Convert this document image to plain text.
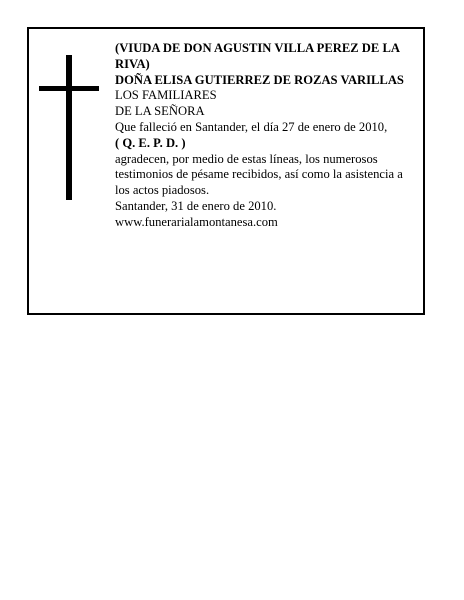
(VIUDA DE DON AGUSTIN VILLA PEREZ DE LA RIVA)

DOÑA ELISA GUTIERREZ DE ROZAS VARILLAS

LOS FAMILIARES

DE LA SEÑORA

Que falleció en Santander, el día 27 de enero de 2010,

( Q. E. P. D. )

agradecen, por medio de estas líneas, los numerosos testimonios de pésame recibidos, así como la asistencia a los actos piadosos.

Santander, 31 de enero de 2010.

www.funerarialamontanesa.com
